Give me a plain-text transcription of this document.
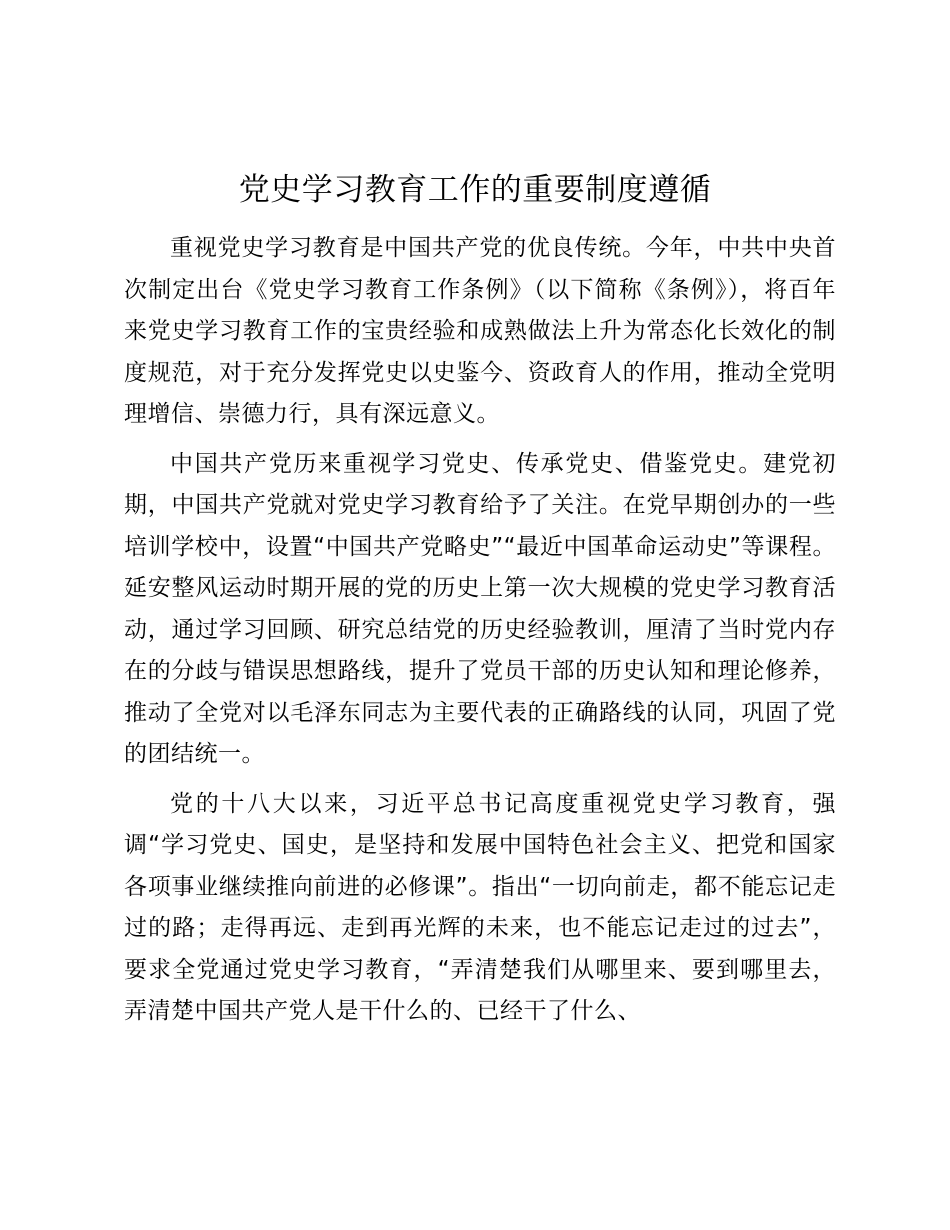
党史学习教育工作的重要制度遵循

重视党史学习教育是中国共产党的优良传统。今年，中共中央首次制定出台《党史学习教育工作条例》（以下简称《条例》），将百年来党史学习教育工作的宝贵经验和成熟做法上升为常态化长效化的制度规范，对于充分发挥党史以史鉴今、资政育人的作用，推动全党明理增信、崇德力行，具有深远意义。

中国共产党历来重视学习党史、传承党史、借鉴党史。建党初期，中国共产党就对党史学习教育给予了关注。在党早期创办的一些培训学校中，设置“中国共产党略史”“最近中国革命运动史”等课程。延安整风运动时期开展的党的历史上第一次大规模的党史学习教育活动，通过学习回顾、研究总结党的历史经验教训，厘清了当时党内存在的分歧与错误思想路线，提升了党员干部的历史认知和理论修养，推动了全党对以毛泽东同志为主要代表的正确路线的认同，巩固了党的团结统一。

党的十八大以来，习近平总书记高度重视党史学习教育，强调“学习党史、国史，是坚持和发展中国特色社会主义、把党和国家各项事业继续推向前进的必修课”。指出“一切向前走，都不能忘记走过的路；走得再远、走到再光辉的未来，也不能忘记走过的过去”，要求全党通过党史学习教育，“弄清楚我们从哪里来、要到哪里去，弄清楚中国共产党人是干什么的、已经干了什么、
